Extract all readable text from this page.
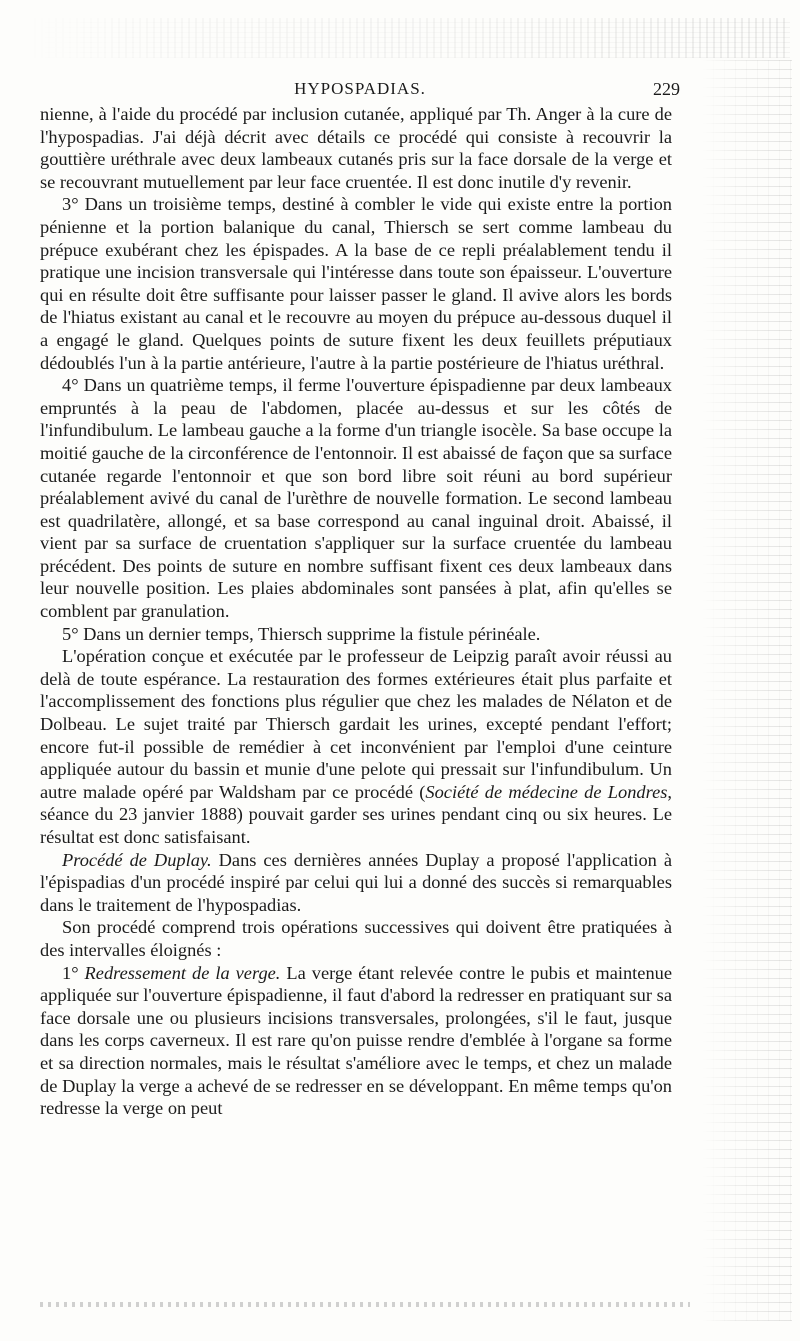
HYPOSPADIAS.	229

nienne, à l'aide du procédé par inclusion cutanée, appliqué par Th. Anger à la cure de l'hypospadias. J'ai déjà décrit avec détails ce procédé qui consiste à recouvrir la gouttière uréthrale avec deux lambeaux cutanés pris sur la face dorsale de la verge et se recouvrant mutuellement par leur face cruentée. Il est donc inutile d'y revenir.

3° Dans un troisième temps, destiné à combler le vide qui existe entre la portion pénienne et la portion balanique du canal, Thiersch se sert comme lambeau du prépuce exubérant chez les épispades. A la base de ce repli préalablement tendu il pratique une incision transversale qui l'intéresse dans toute son épaisseur. L'ouverture qui en résulte doit être suffisante pour laisser passer le gland. Il avive alors les bords de l'hiatus existant au canal et le recouvre au moyen du prépuce au-dessous duquel il a engagé le gland. Quelques points de suture fixent les deux feuillets préputiaux dédoublés l'un à la partie antérieure, l'autre à la partie postérieure de l'hiatus uréthral.

4° Dans un quatrième temps, il ferme l'ouverture épispadienne par deux lambeaux empruntés à la peau de l'abdomen, placée au-dessus et sur les côtés de l'infundibulum. Le lambeau gauche a la forme d'un triangle isocèle. Sa base occupe la moitié gauche de la circonférence de l'entonnoir. Il est abaissé de façon que sa surface cutanée regarde l'entonnoir et que son bord libre soit réuni au bord supérieur préalablement avivé du canal de l'urèthre de nouvelle formation. Le second lambeau est quadrilatère, allongé, et sa base correspond au canal inguinal droit. Abaissé, il vient par sa surface de cruentation s'appliquer sur la surface cruentée du lambeau précédent. Des points de suture en nombre suffisant fixent ces deux lambeaux dans leur nouvelle position. Les plaies abdominales sont pansées à plat, afin qu'elles se comblent par granulation.

5° Dans un dernier temps, Thiersch supprime la fistule périnéale.

L'opération conçue et exécutée par le professeur de Leipzig paraît avoir réussi au delà de toute espérance. La restauration des formes extérieures était plus parfaite et l'accomplissement des fonctions plus régulier que chez les malades de Nélaton et de Dolbeau. Le sujet traité par Thiersch gardait les urines, excepté pendant l'effort; encore fut-il possible de remédier à cet inconvénient par l'emploi d'une ceinture appliquée autour du bassin et munie d'une pelote qui pressait sur l'infundibulum. Un autre malade opéré par Waldsham par ce procédé (Société de médecine de Londres, séance du 23 janvier 1888) pouvait garder ses urines pendant cinq ou six heures. Le résultat est donc satisfaisant.

Procédé de Duplay. Dans ces dernières années Duplay a proposé l'application à l'épispadias d'un procédé inspiré par celui qui lui a donné des succès si remarquables dans le traitement de l'hypospadias.

Son procédé comprend trois opérations successives qui doivent être pratiquées à des intervalles éloignés :

1° Redressement de la verge. La verge étant relevée contre le pubis et maintenue appliquée sur l'ouverture épispadienne, il faut d'abord la redresser en pratiquant sur sa face dorsale une ou plusieurs incisions transversales, prolongées, s'il le faut, jusque dans les corps caverneux. Il est rare qu'on puisse rendre d'emblée à l'organe sa forme et sa direction normales, mais le résultat s'améliore avec le temps, et chez un malade de Duplay la verge a achevé de se redresser en se développant. En même temps qu'on redresse la verge on peut
